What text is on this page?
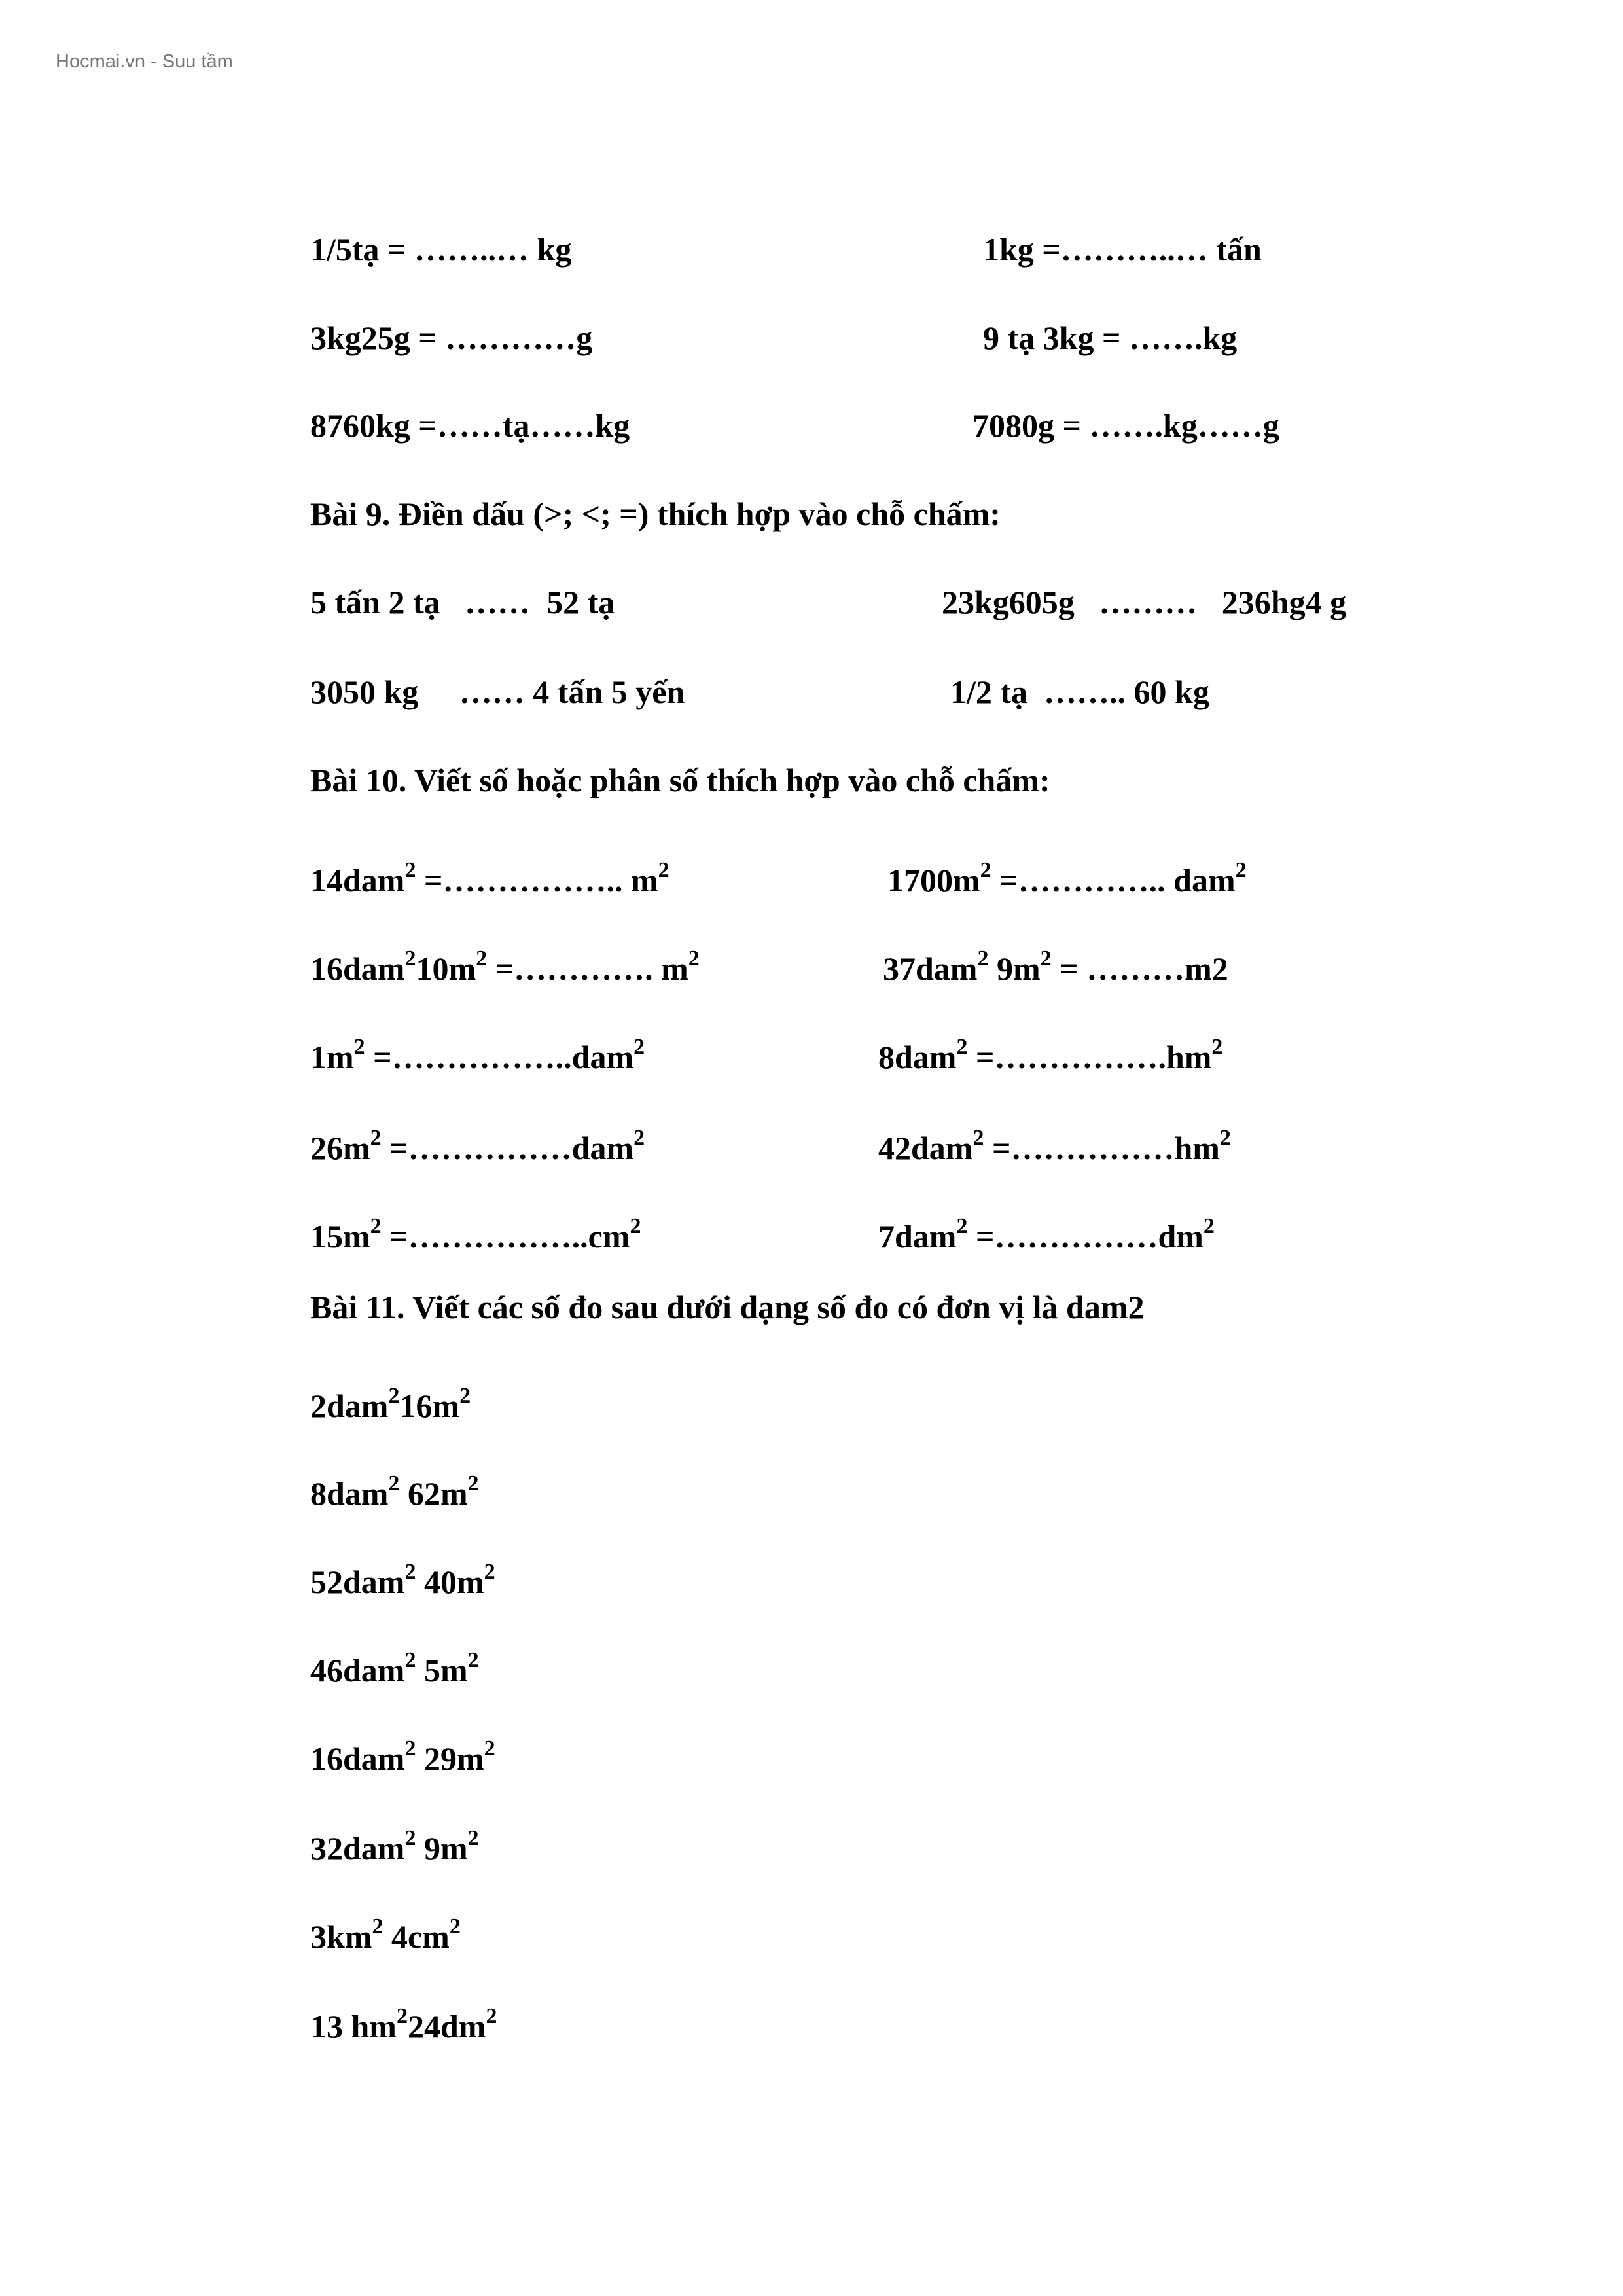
Hocmai.vn - Suu tầm
1/5tạ = ……..… kg	1kg =………..… tấn
3kg25g = …………g	9 tạ 3kg = …….kg
8760kg =……tạ……kg	7080g = …….kg……g
Bài 9. Điền dấu (>; <; =) thích hợp vào chỗ chấm:
5 tấn 2 tạ   ……  52 tạ	23kg605g   ………   236hg4 g
3050 kg     …… 4 tấn 5 yến	1/2 tạ  …….. 60 kg
Bài 10. Viết số hoặc phân số thích hợp vào chỗ chấm:
14dam$^2$ =…………….. $m^2$	$1700m^2$ =………….. dam$^2$
$16dam^210m^2$ =…………. $m^2$	37dam$^2$ $9m^2$ = ………m2
$1m^2$ =……………..dam$^2$	$8dam^2 =\dots\dots\dots\dots\dots.hm^2$
$26m^2$ =……………dam$^2$	$42dam^2 =\dots\dots\dots\dots\dots hm^2$
$15m^2$ $=\dots\dots\dots\dots\dots..cm^2$	$7dam^2 =\dots\dots\dots\dots\dots dm^2$
Bài 11. Viết các số đo sau dưới dạng số đo có đơn vị là dam2
$2dam^216m^2$
8dam$^2$ $62m^2$
52dam$^2$ $40m^2$
46dam$^2$ $5m^2$
16dam$^2$ $29m^2$
32dam$^2$ $9m^2$
$3km^2$ $4cm^2$
13 $hm^224dm^2$
